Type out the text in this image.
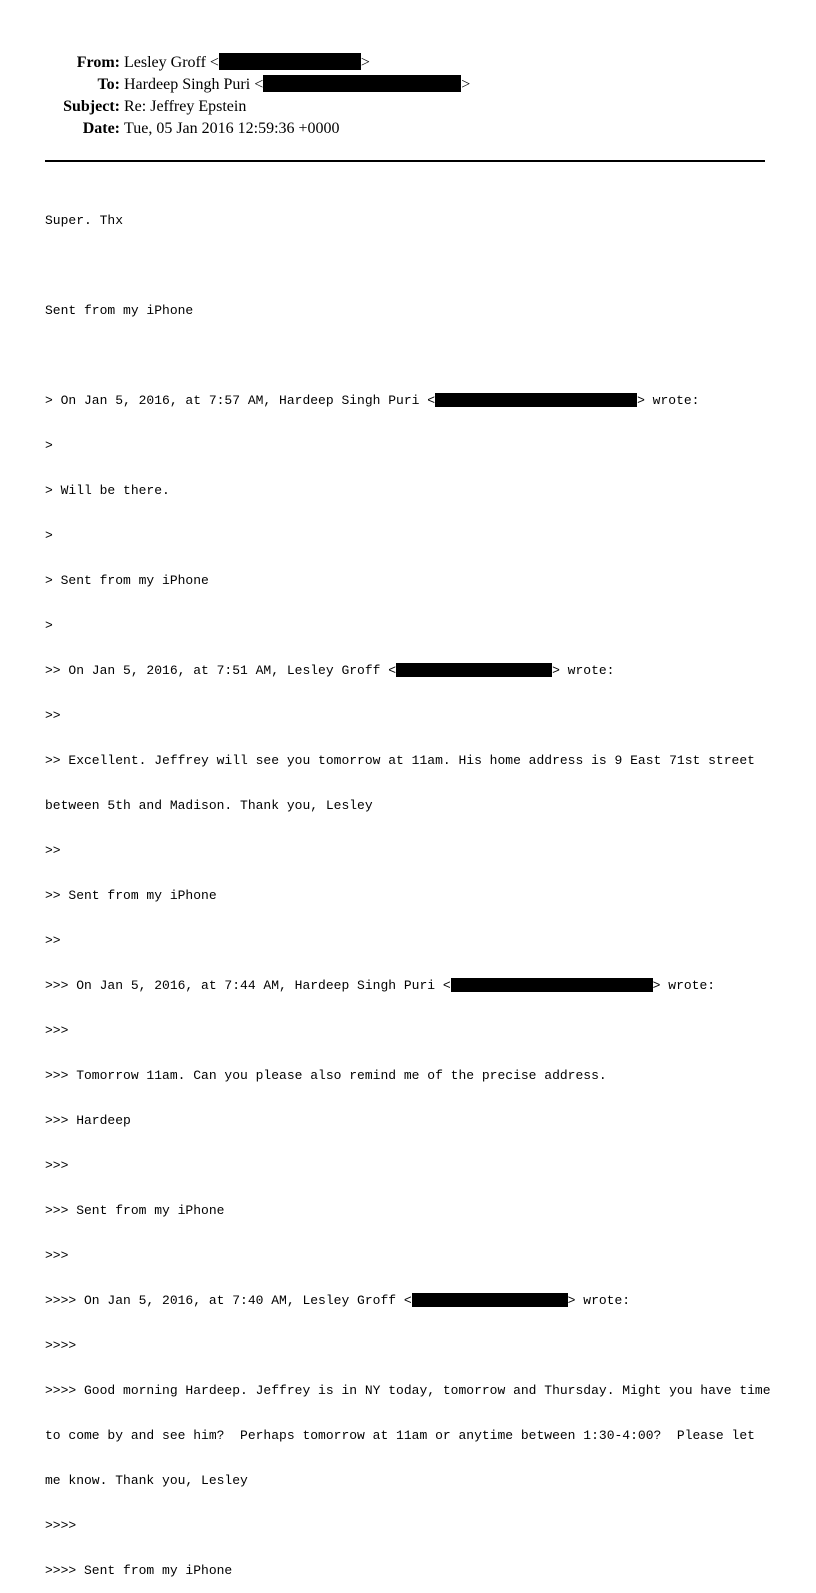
From: Lesley Groff <	>
To: Hardeep Singh Puri <	>
Subject: Re: Jeffrey Epstein
Date: Tue, 05 Jan 2016 12:59:36 +0000

Super. Thx

Sent from my iPhone

> On Jan 5, 2016, at 7:57 AM, Hardeep Singh Puri <	> wrote:

>

> Will be there.

>

> Sent from my iPhone

>

>> On Jan 5, 2016, at 7:51 AM, Lesley Groff <	> wrote:

>>

>> Excellent. Jeffrey will see you tomorrow at 11am. His home address is 9 East 71st street

between 5th and Madison. Thank you, Lesley

>>

>> Sent from my iPhone

>>

>>> On Jan 5, 2016, at 7:44 AM, Hardeep Singh Puri <	> wrote:

>>>

>>> Tomorrow 11am. Can you please also remind me of the precise address.

>>> Hardeep

>>>

>>> Sent from my iPhone

>>>

>>>> On Jan 5, 2016, at 7:40 AM, Lesley Groff <	> wrote:

>>>>

>>>> Good morning Hardeep. Jeffrey is in NY today, tomorrow and Thursday. Might you have time

to come by and see him?  Perhaps tomorrow at 11am or anytime between 1:30-4:00?  Please let

me know. Thank you, Lesley

>>>>

>>>> Sent from my iPhone
